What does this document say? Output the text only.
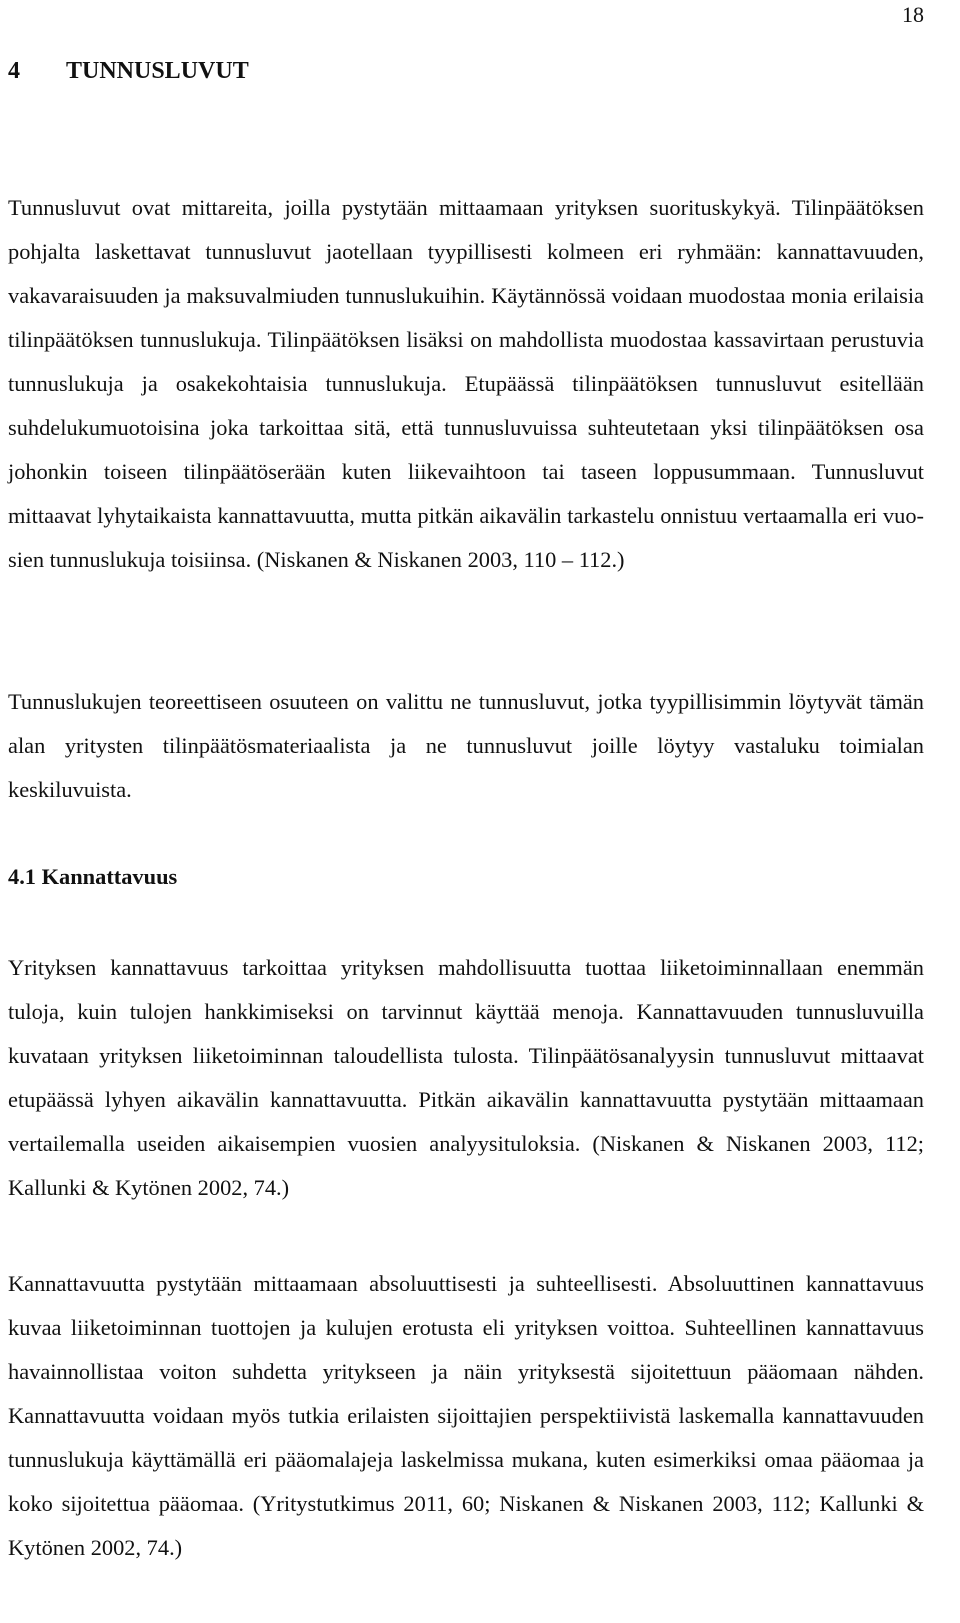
18
4 TUNNUSLUVUT

Tunnusluvut ovat mittareita, joilla pystytään mittaamaan yrityksen suorituskykyä. Tilinpäätöksen pohjalta laskettavat tunnusluvut jaotellaan tyypillisesti kolmeen eri ryhmään: kannattavuuden, vakavaraisuuden ja maksuvalmiuden tunnuslukuihin. Käytännössä voidaan muodostaa monia erilaisia tilinpäätöksen tunnuslukuja. Tilinpäätöksen lisäksi on mahdollista muodostaa kassavirtaan perustuvia tunnuslukuja ja osakekohtaisia tunnuslukuja. Etupäässä tilinpäätöksen tunnusluvut esitellään suhdelukumuotoisina joka tarkoittaa sitä, että tunnusluvuissa suhteutetaan yksi tilinpäätöksen osa johonkin toiseen tilinpäätöserään kuten liikevaihtoon tai taseen loppusummaan. Tunnusluvut mittaavat lyhytaikaista kannattavuutta, mutta pitkän aikavälin tarkastelu onnistuu vertaamalla eri vuosien tunnuslukuja toisiinsa. (Niskanen & Niskanen 2003, 110 – 112.)

Tunnuslukujen teoreettiseen osuuteen on valittu ne tunnusluvut, jotka tyypillisimmin löytyvät tämän alan yritysten tilinpäätösmateriaalista ja ne tunnusluvut joille löytyy vastaluku toimialan keskiluvuista.

4.1 Kannattavuus

Yrityksen kannattavuus tarkoittaa yrityksen mahdollisuutta tuottaa liiketoiminnallaan enemmän tuloja, kuin tulojen hankkimiseksi on tarvinnut käyttää menoja. Kannattavuuden tunnusluvuilla kuvataan yrityksen liiketoiminnan taloudellista tulosta. Tilinpäätösanalyysin tunnusluvut mittaavat etupäässä lyhyen aikavälin kannattavuutta. Pitkän aikavälin kannattavuutta pystytään mittaamaan vertailemalla useiden aikaisempien vuosien analyysituloksia. (Niskanen & Niskanen 2003, 112; Kallunki & Kytönen 2002, 74.)

Kannattavuutta pystytään mittaamaan absoluuttisesti ja suhteellisesti. Absoluuttinen kannattavuus kuvaa liiketoiminnan tuottojen ja kulujen erotusta eli yrityksen voittoa. Suhteellinen kannattavuus havainnollistaa voiton suhdetta yritykseen ja näin yrityksestä sijoitettuun pääomaan nähden. Kannattavuutta voidaan myös tutkia erilaisten sijoittajien perspektiivistä laskemalla kannattavuuden tunnuslukuja käyttämällä eri pääomalajeja laskelmissa mukana, kuten esimerkiksi omaa pääomaa ja koko sijoitettua pääomaa. (Yritystutkimus 2011, 60; Niskanen & Niskanen 2003, 112; Kallunki & Kytönen 2002, 74.)
